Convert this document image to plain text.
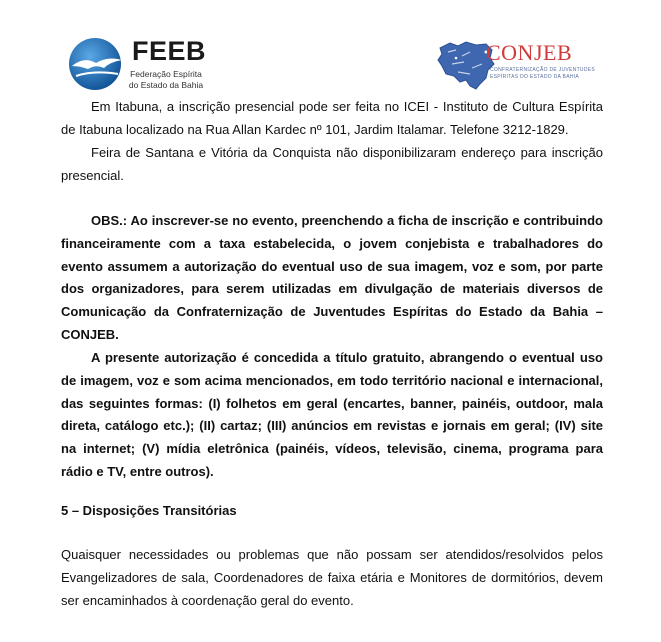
FEEB
Federação Espírita
do Estado da Bahia
CONJEB
CONFRATERNIZAÇÃO DE JUVENTUDES
ESPÍRITAS DO ESTADO DA BAHIA
Em Itabuna, a inscrição presencial pode ser feita no ICEI - Instituto de Cultura Espírita
de Itabuna localizado na Rua Allan Kardec nº 101, Jardim Italamar. Telefone 3212-1829.
Feira de Santana e Vitória da Conquista não disponibilizaram endereço para inscrição
presencial.
OBS.: Ao inscrever-se no evento, preenchendo a ficha de inscrição e contribuindo
financeiramente com a taxa estabelecida, o jovem conjebista e trabalhadores do
evento assumem a autorização do eventual uso de sua imagem, voz e som, por parte
dos organizadores, para serem utilizadas em divulgação de materiais diversos de
Comunicação da Confraternização de Juventudes Espíritas do Estado da Bahia –
CONJEB.
A presente autorização é concedida a título gratuito, abrangendo o eventual uso
de imagem, voz e som acima mencionados, em todo território nacional e internacional,
das seguintes formas: (I) folhetos em geral (encartes, banner, painéis, outdoor, mala
direta, catálogo etc.); (II) cartaz; (III) anúncios em revistas e jornais em geral; (IV) site
na internet; (V) mídia eletrônica (painéis, vídeos, televisão, cinema, programa para
rádio e TV, entre outros).
5 – Disposições Transitórias
Quaisquer necessidades ou problemas que não possam ser atendidos/resolvidos pelos
Evangelizadores de sala, Coordenadores de faixa etária e Monitores de dormitórios, devem
ser encaminhados à coordenação geral do evento.
